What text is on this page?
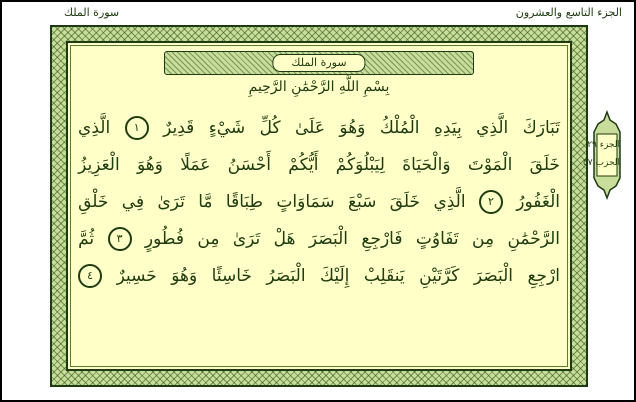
سورة الملك	الجزء التاسع والعشرون
سورة الملك
بِسْمِ اللَّهِ الرَّحْمَٰنِ الرَّحِيمِ
تَبَارَكَ
الَّذِي
بِيَدِهِ
الْمُلْكُ
وَهُوَ
عَلَىٰ
كُلِّ
شَيْءٍ
قَدِيرٌ
١
الَّذِي
خَلَقَ
الْمَوْتَ
وَالْحَيَاةَ
لِيَبْلُوَكُمْ
أَيُّكُمْ
أَحْسَنُ
عَمَلًا
وَهُوَ
الْعَزِيزُ
الْغَفُورُ
٢
الَّذِي
خَلَقَ
سَبْعَ
سَمَاوَاتٍ
طِبَاقًا
مَّا
تَرَىٰ
فِي
خَلْقِ
الرَّحْمَٰنِ
مِن
تَفَاوُتٍ
فَارْجِعِ
الْبَصَرَ
هَلْ
تَرَىٰ
مِن
فُطُورٍ
٣
ثُمَّ
ارْجِعِ
الْبَصَرَ
كَرَّتَيْنِ
يَنقَلِبْ
إِلَيْكَ
الْبَصَرُ
خَاسِئًا
وَهُوَ
حَسِيرٌ
٤
الجزء ٢٩
الحزب ٥٧
